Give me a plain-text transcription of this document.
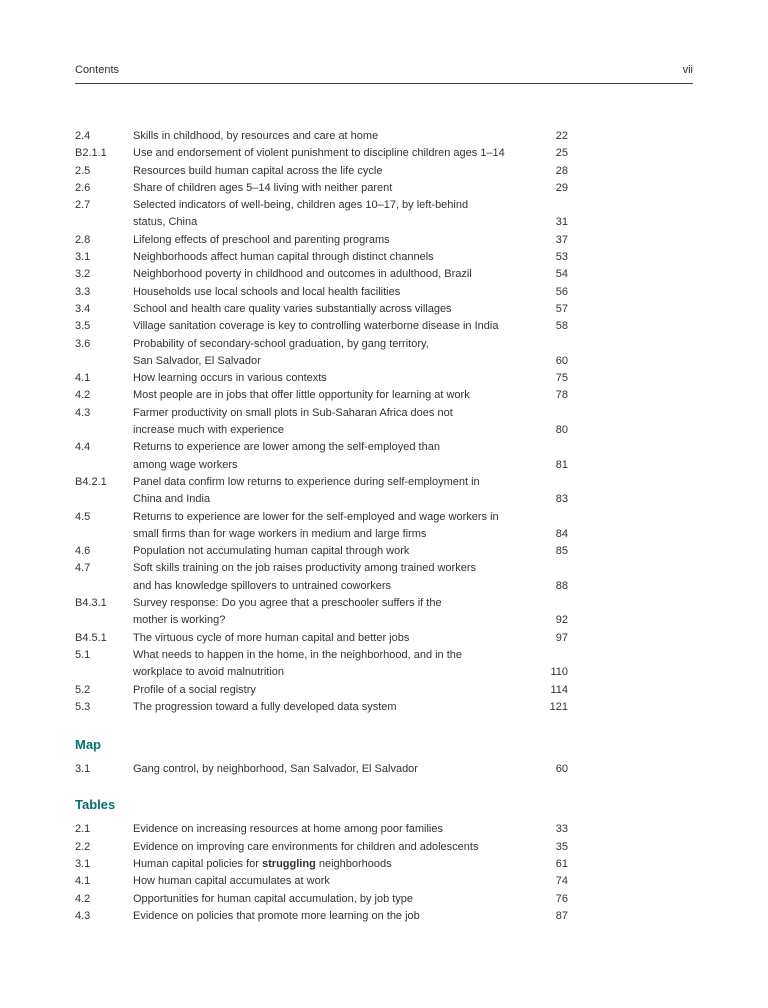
Contents	vii
2.4	Skills in childhood, by resources and care at home	22
B2.1.1	Use and endorsement of violent punishment to discipline children ages 1–14	25
2.5	Resources build human capital across the life cycle	28
2.6	Share of children ages 5–14 living with neither parent	29
2.7	Selected indicators of well-being, children ages 10–17, by left-behind
status, China	31
2.8	Lifelong effects of preschool and parenting programs	37
3.1	Neighborhoods affect human capital through distinct channels	53
3.2	Neighborhood poverty in childhood and outcomes in adulthood, Brazil	54
3.3	Households use local schools and local health facilities	56
3.4	School and health care quality varies substantially across villages	57
3.5	Village sanitation coverage is key to controlling waterborne disease in India	58
3.6	Probability of secondary-school graduation, by gang territory,
San Salvador, El Salvador	60
4.1	How learning occurs in various contexts	75
4.2	Most people are in jobs that offer little opportunity for learning at work	78
4.3	Farmer productivity on small plots in Sub-Saharan Africa does not
increase much with experience	80
4.4	Returns to experience are lower among the self-employed than
among wage workers	81
B4.2.1	Panel data confirm low returns to experience during self-employment in
China and India	83
4.5	Returns to experience are lower for the self-employed and wage workers in
small firms than for wage workers in medium and large firms	84
4.6	Population not accumulating human capital through work	85
4.7	Soft skills training on the job raises productivity among trained workers
and has knowledge spillovers to untrained coworkers	88
B4.3.1	Survey response: Do you agree that a preschooler suffers if the
mother is working?	92
B4.5.1	The virtuous cycle of more human capital and better jobs	97
5.1	What needs to happen in the home, in the neighborhood, and in the
workplace to avoid malnutrition	110
5.2	Profile of a social registry	114
5.3	The progression toward a fully developed data system	121
Map
3.1	Gang control, by neighborhood, San Salvador, El Salvador	60
Tables
2.1	Evidence on increasing resources at home among poor families	33
2.2	Evidence on improving care environments for children and adolescents	35
3.1	Human capital policies for struggling neighborhoods	61
4.1	How human capital accumulates at work	74
4.2	Opportunities for human capital accumulation, by job type	76
4.3	Evidence on policies that promote more learning on the job	87
